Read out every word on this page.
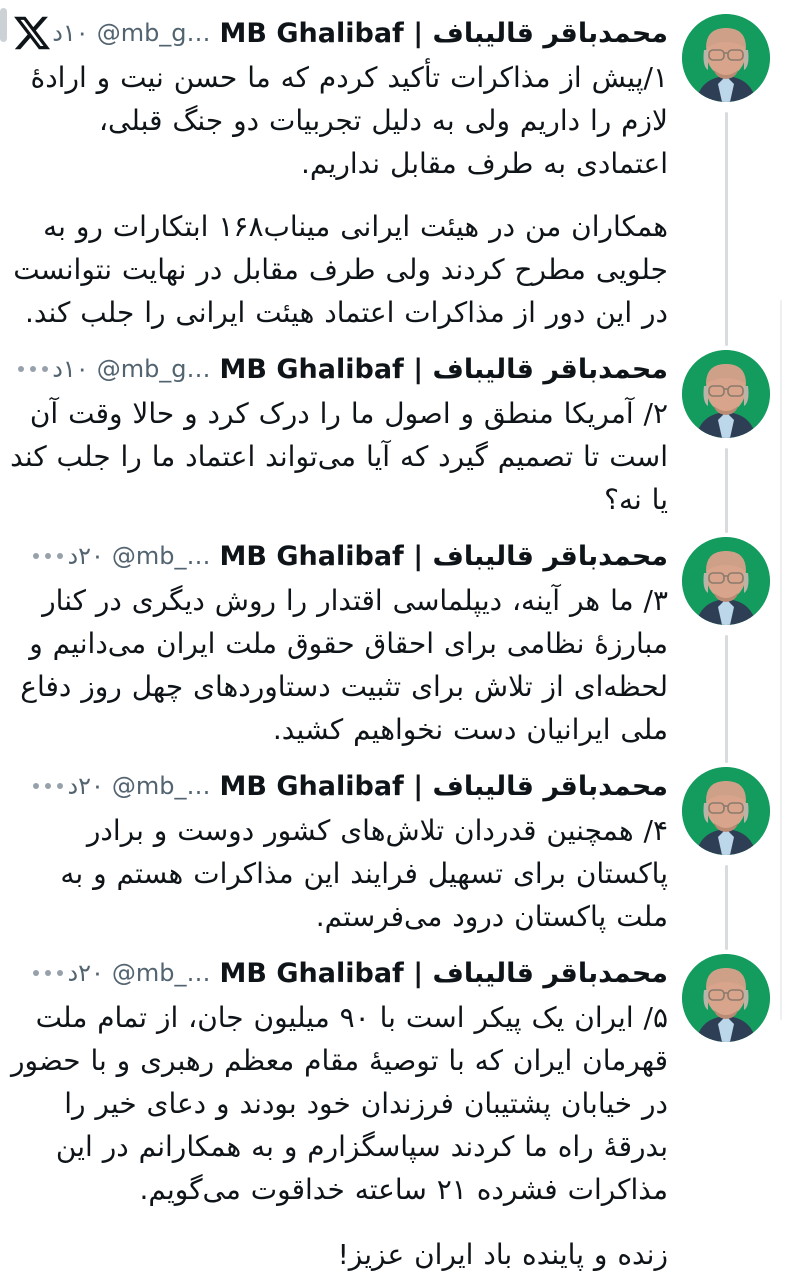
محمدباقر قالیباف | MB Ghalibaf
@mb_g…
۱۰د

۱/پیش از مذاکرات تأکید کردم که ما حسن نیت و ارادهٔ لازم را داریم ولی به دلیل تجربیات دو جنگ قبلی، اعتمادی به طرف مقابل نداریم.

همکاران من در هیئت ایرانی میناب۱۶۸ ابتکارات رو به جلویی مطرح کردند ولی طرف مقابل در نهایت نتوانست در این دور از مذاکرات اعتماد هیئت ایرانی را جلب کند.

محمدباقر قالیباف | MB Ghalibaf
@mb_g…
۱۰د

۲/ آمریکا منطق و اصول ما را درک کرد و حالا وقت آن است تا تصمیم گیرد که آیا می‌تواند اعتماد ما را جلب کند یا نه؟

محمدباقر قالیباف | MB Ghalibaf
@mb_…
۲۰د

۳/ ما هر آینه، دیپلماسی اقتدار را روش دیگری در کنار مبارزهٔ نظامی برای احقاق حقوق ملت ایران می‌دانیم و لحظه‌ای از تلاش برای تثبیت دستاوردهای چهل روز دفاع ملی ایرانیان دست نخواهیم کشید.

محمدباقر قالیباف | MB Ghalibaf
@mb_…
۲۰د

۴/ همچنین قدردان تلاش‌های کشور دوست و برادر پاکستان برای تسهیل فرایند این مذاکرات هستم و به ملت پاکستان درود می‌فرستم.

محمدباقر قالیباف | MB Ghalibaf
@mb_…
۲۰د

۵/ ایران یک پیکر است با ۹۰ میلیون جان، از تمام ملت قهرمان ایران که با توصیهٔ مقام معظم رهبری و با حضور در خیابان پشتیبان فرزندان خود بودند و دعای خیر را بدرقهٔ راه ما کردند سپاسگزارم و به همکارانم در این مذاکرات فشرده ۲۱ ساعته خداقوت می‌گویم.

زنده و پاینده باد ایران عزیز!
